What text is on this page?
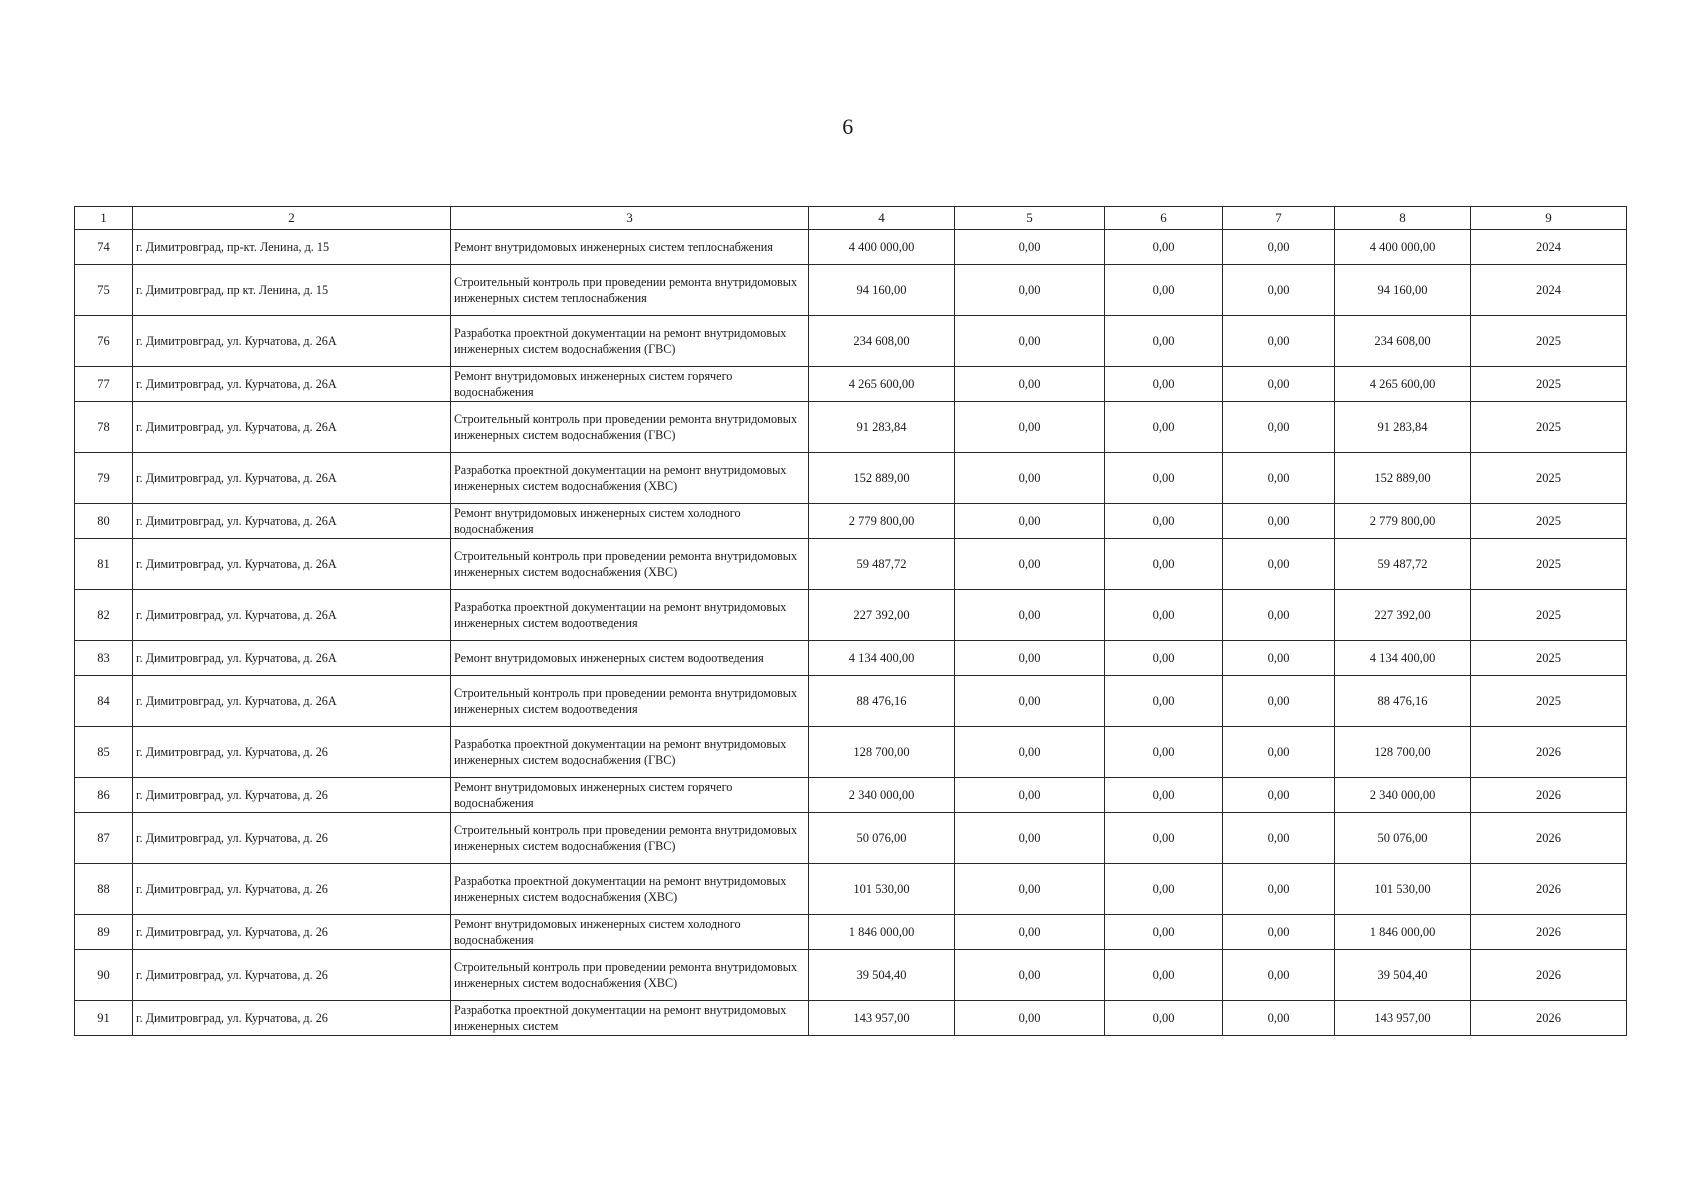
6
1	2	3	4	5	6	7	8	9
74	г. Димитровград, пр-кт. Ленина, д. 15	Ремонт внутридомовых инженерных систем теплоснабжения	4 400 000,00	0,00	0,00	0,00	4 400 000,00	2024
75	г. Димитровград, пр кт. Ленина, д. 15	Строительный контроль при проведении ремонта внутридомовых инженерных систем теплоснабжения	94 160,00	0,00	0,00	0,00	94 160,00	2024
76	г. Димитровград, ул. Курчатова, д. 26А	Разработка проектной документации на ремонт внутридомовых инженерных систем водоснабжения (ГВС)	234 608,00	0,00	0,00	0,00	234 608,00	2025
77	г. Димитровград, ул. Курчатова, д. 26А	Ремонт внутридомовых инженерных систем горячего водоснабжения	4 265 600,00	0,00	0,00	0,00	4 265 600,00	2025
78	г. Димитровград, ул. Курчатова, д. 26А	Строительный контроль при проведении ремонта внутридомовых инженерных систем водоснабжения (ГВС)	91 283,84	0,00	0,00	0,00	91 283,84	2025
79	г. Димитровград, ул. Курчатова, д. 26А	Разработка проектной документации на ремонт внутридомовых инженерных систем водоснабжения (ХВС)	152 889,00	0,00	0,00	0,00	152 889,00	2025
80	г. Димитровград, ул. Курчатова, д. 26А	Ремонт внутридомовых инженерных систем холодного водоснабжения	2 779 800,00	0,00	0,00	0,00	2 779 800,00	2025
81	г. Димитровград, ул. Курчатова, д. 26А	Строительный контроль при проведении ремонта внутридомовых инженерных систем водоснабжения (ХВС)	59 487,72	0,00	0,00	0,00	59 487,72	2025
82	г. Димитровград, ул. Курчатова, д. 26А	Разработка проектной документации на ремонт внутридомовых инженерных систем водоотведения	227 392,00	0,00	0,00	0,00	227 392,00	2025
83	г. Димитровград, ул. Курчатова, д. 26А	Ремонт внутридомовых инженерных систем водоотведения	4 134 400,00	0,00	0,00	0,00	4 134 400,00	2025
84	г. Димитровград, ул. Курчатова, д. 26А	Строительный контроль при проведении ремонта внутридомовых инженерных систем водоотведения	88 476,16	0,00	0,00	0,00	88 476,16	2025
85	г. Димитровград, ул. Курчатова, д. 26	Разработка проектной документации на ремонт внутридомовых инженерных систем водоснабжения (ГВС)	128 700,00	0,00	0,00	0,00	128 700,00	2026
86	г. Димитровград, ул. Курчатова, д. 26	Ремонт внутридомовых инженерных систем горячего водоснабжения	2 340 000,00	0,00	0,00	0,00	2 340 000,00	2026
87	г. Димитровград, ул. Курчатова, д. 26	Строительный контроль при проведении ремонта внутридомовых инженерных систем водоснабжения (ГВС)	50 076,00	0,00	0,00	0,00	50 076,00	2026
88	г. Димитровград, ул. Курчатова, д. 26	Разработка проектной документации на ремонт внутридомовых инженерных систем водоснабжения (ХВС)	101 530,00	0,00	0,00	0,00	101 530,00	2026
89	г. Димитровград, ул. Курчатова, д. 26	Ремонт внутридомовых инженерных систем холодного водоснабжения	1 846 000,00	0,00	0,00	0,00	1 846 000,00	2026
90	г. Димитровград, ул. Курчатова, д. 26	Строительный контроль при проведении ремонта внутридомовых инженерных систем водоснабжения (ХВС)	39 504,40	0,00	0,00	0,00	39 504,40	2026
91	г. Димитровград, ул. Курчатова, д. 26	Разработка проектной документации на ремонт внутридомовых инженерных систем	143 957,00	0,00	0,00	0,00	143 957,00	2026
